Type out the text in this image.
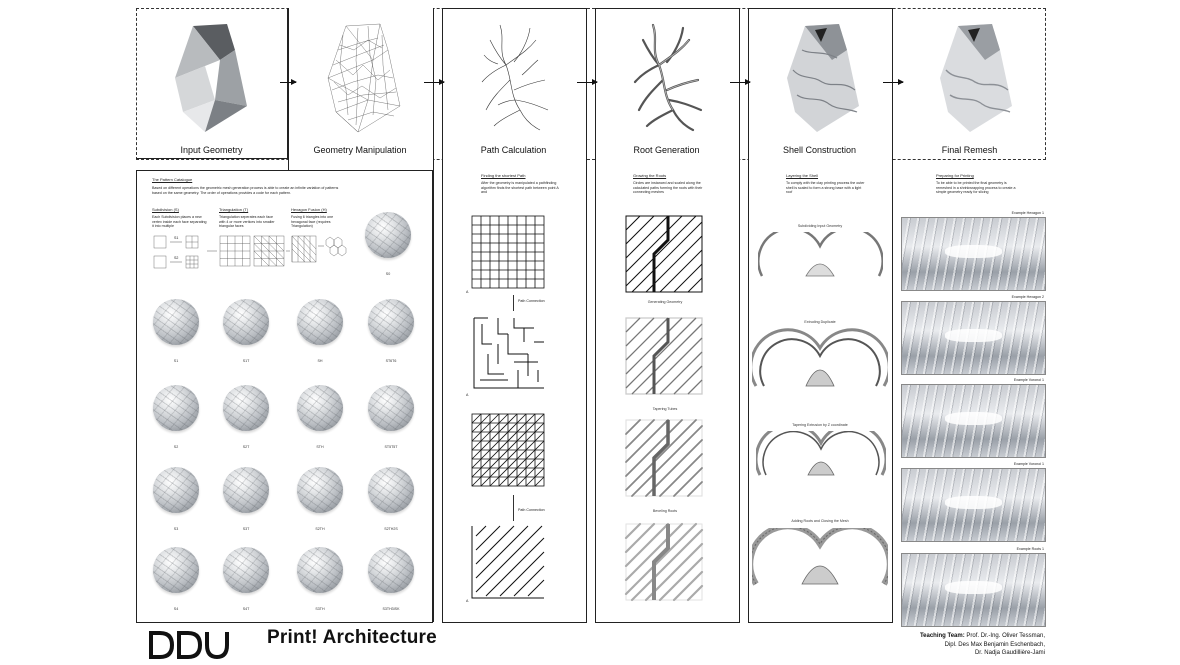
Input Geometry	Geometry Manipulation	Path Calculation	Root Generation	Shell Construction	Final Remesh
The Pattern Catalogue
Based on different operations the geometric mesh generation process is able to create an infinite variation of patterns based on the same geometry. The order of operations provides a code for each pattern.
Subdivision (S)
Each Subdivision places a new vertex inside each face separating it into multiple
Triangulation (T)
Triangulation seperates each face with 4 or more vertices into smaller triangular faces
Hexagon Fusion (H)
Fusing 6 triangles into one hexagonal face (requires Triangulation)
S1
S2
S0
S1	S1T	SH	ST6T6
S2	S2T	STH	ST5T5T
S3	S3T	S2TH	S2TH2S
S4	S4T	S3TH	S3TH3ISK
Finding the shortest Path
After the geometry is manipulated a pathfinding algorithm finds the shortest path between point A and
A
Path Connection
A
Path Connection
A
Growing the Roots
Circles are instanced and scaled along the calculated paths forming the roots with their connecting meshes
Generating Geometry
Tapering Tubes
Beveling Roots
Layering the Shell
To comply with the clay printing process the outer shell is scaled to form a strong base with a light roof
Subdividing Input Geometry
Extruding Duplicate
Tapering Extrusion by Z coordinate
Adding Roots and Closing the Mesh
Preparing for Printing
To be able to be printed the final geometry is remeshed in a shrinkwrapping process to create a simple geometry ready for slicing
Example Hexagon 1
Example Hexagon 2
Example Voronoi 1
Example Voronoi 1
Example Roots 1
Print! Architecture	Teaching Team: Prof. Dr.-Ing. Oliver Tessman,
Dipl. Des Max Benjamin Eschenbach,
Dr. Nadja Gaudillière-Jami
